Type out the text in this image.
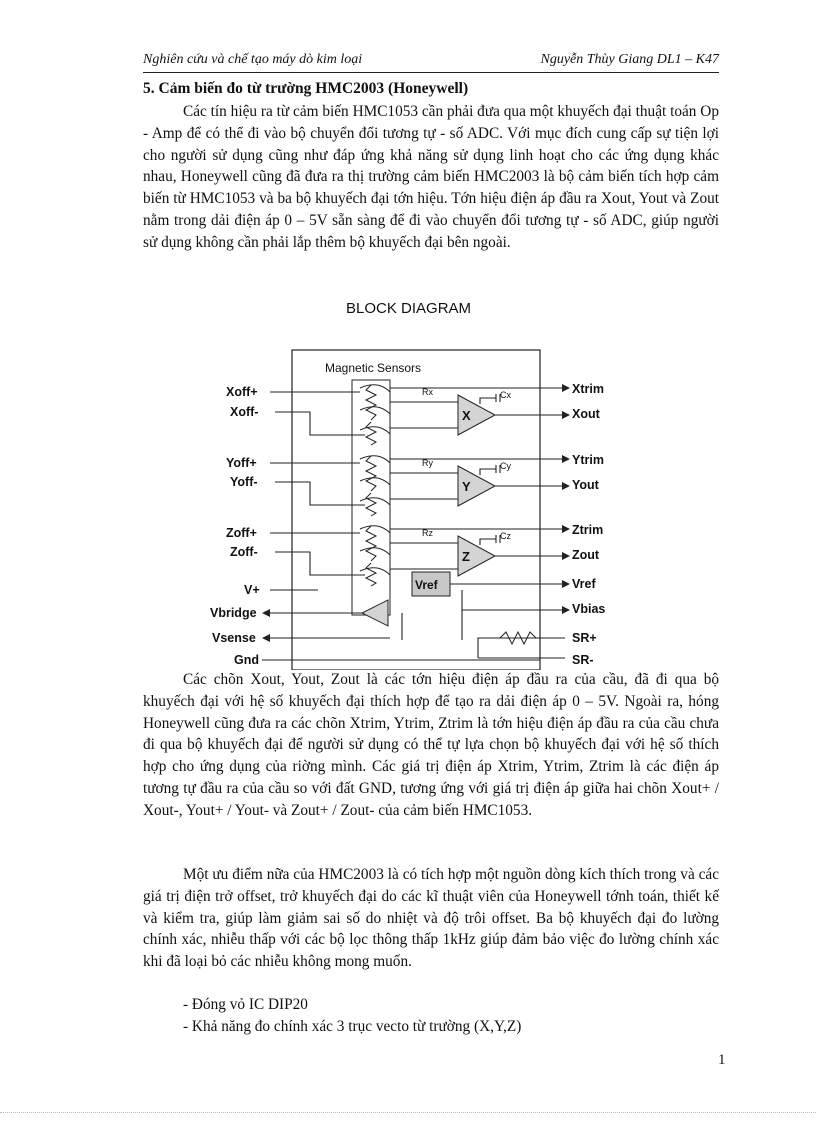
Nghiên cứu và chế tạo máy dò kim loại	Nguyễn Thùy Giang DL1 – K47
5. Cảm biến đo từ trường HMC2003 (Honeywell)

Các tín hiệu ra từ cảm biến HMC1053 cần phải đưa qua một khuyếch đại thuật toán Op - Amp để có thể đi vào bộ chuyển đổi tương tự - số ADC. Với mục đích cung cấp sự tiện lợi cho người sử dụng cũng như đáp ứng khả năng sử dụng linh hoạt cho các ứng dụng khác nhau, Honeywell cũng đã đưa ra thị trường cảm biến HMC2003 là bộ cảm biến tích hợp cảm biến từ HMC1053 và ba bộ khuyếch đại tớn hiệu. Tớn hiệu điện áp đầu ra Xout, Yout và Zout nằm trong dải điện áp 0 – 5V sẵn sàng để đi vào chuyển đổi tương tự - số ADC, giúp người sử dụng không cần phải lắp thêm bộ khuyếch đại bên ngoài.

BLOCK DIAGRAM
Magnetic Sensors
Xoff+
Xoff-
Yoff+
Yoff-
Zoff+
Zoff-
V+
Vbridge
Vsense
Gnd
Xtrim
Xout
Ytrim
Yout
Ztrim
Zout
Vref
Vbias
SR+
SR-
Rx
Ry
Rz
Cx
Cy
Cz
X
Y
Z
Vref

Các chõn Xout, Yout, Zout là các tớn hiệu điện áp đầu ra của cầu, đã đi qua bộ khuyếch đại với hệ số khuyếch đại thích hợp để tạo ra dải điện áp 0 – 5V. Ngoài ra, hóng Honeywell cũng đưa ra các chõn Xtrim, Ytrim, Ztrim là tớn hiệu điện áp đầu ra của cầu chưa đi qua bộ khuyếch đại để người sử dụng có thể tự lựa chọn bộ khuyếch đại với hệ số thích hợp cho ứng dụng của riờng mình. Các giá trị điện áp Xtrim, Ytrim, Ztrim là các điện áp tương tự đầu ra của cầu so với đất GND, tương ứng với giá trị điện áp giữa hai chõn Xout+ / Xout-, Yout+ / Yout- và Zout+ / Zout- của cảm biến HMC1053.

Một ưu điểm nữa của HMC2003 là có tích hợp một nguồn dòng kích thích trong và các giá trị điện trở offset, trở khuyếch đại do các kĩ thuật viên của Honeywell tớnh toán, thiết kế và kiểm tra, giúp làm giảm sai số do nhiệt và độ trôi offset. Ba bộ khuyếch đại đo lường chính xác, nhiễu thấp với các bộ lọc thông thấp 1kHz giúp đảm bảo việc đo lường chính xác khi đã loại bỏ các nhiễu không mong muốn.

- Đóng vỏ IC DIP20
- Khả năng đo chính xác 3 trục vecto từ trường (X,Y,Z)
1
